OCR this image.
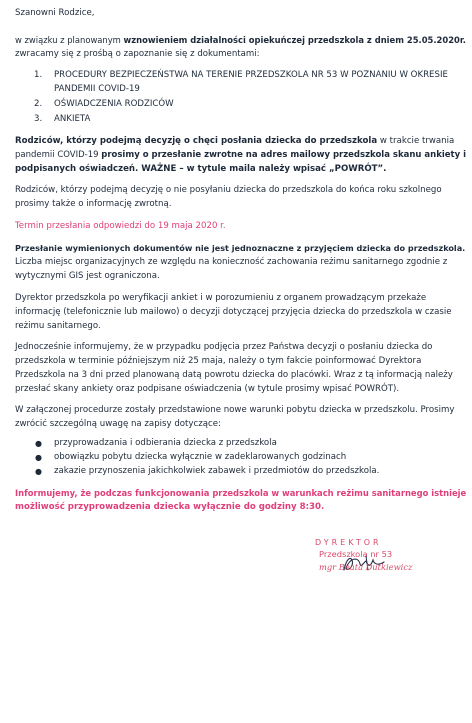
Szanowni Rodzice,

w związku z planowanym wznowieniem działalności opiekuńczej przedszkola z dniem 25.05.2020r.

zwracamy się z prośbą o zapoznanie się z dokumentami:

1. PROCEDURY BEZPIECZEŃSTWA NA TERENIE PRZEDSZKOLA NR 53 W POZNANIU W OKRESIE

PANDEMII COVID-19

2. OŚWIADCZENIA RODZICÓW

3. ANKIETA

Rodziców, którzy podejmą decyzję o chęci posłania dziecka do przedszkola w trakcie trwania

pandemii COVID-19 prosimy o przesłanie zwrotne na adres mailowy przedszkola skanu ankiety i

podpisanych oświadczeń. WAŻNE – w tytule maila należy wpisać „POWRÓT”.

Rodziców, którzy podejmą decyzję o nie posyłaniu dziecka do przedszkola do końca roku szkolnego

prosimy także o informację zwrotną.

Termin przesłania odpowiedzi do 19 maja 2020 r.

Przesłanie wymienionych dokumentów nie jest jednoznaczne z przyjęciem dziecka do przedszkola.

Liczba miejsc organizacyjnych ze względu na konieczność zachowania reżimu sanitarnego zgodnie z

wytycznymi GIS jest ograniczona.

Dyrektor przedszkola po weryfikacji ankiet i w porozumieniu z organem prowadzącym przekaże

informację (telefonicznie lub mailowo) o decyzji dotyczącej przyjęcia dziecka do przedszkola w czasie

reżimu sanitarnego.

Jednocześnie informujemy, że w przypadku podjęcia przez Państwa decyzji o posłaniu dziecka do

przedszkola w terminie późniejszym niż 25 maja, należy o tym fakcie poinformować Dyrektora

Przedszkola na 3 dni przed planowaną datą powrotu dziecka do placówki. Wraz z tą informacją należy

przesłać skany ankiety oraz podpisane oświadczenia (w tytule prosimy wpisać POWRÓT).

W załączonej procedurze zostały przedstawione nowe warunki pobytu dziecka w przedszkolu. Prosimy

zwrócić szczególną uwagę na zapisy dotyczące:

● przyprowadzania i odbierania dziecka z przedszkola

● obowiązku pobytu dziecka wyłącznie w zadeklarowanych godzinach

● zakazie przynoszenia jakichkolwiek zabawek i przedmiotów do przedszkola.

Informujemy, że podczas funkcjonowania przedszkola w warunkach reżimu sanitarnego istnieje

możliwość przyprowadzenia dziecka wyłącznie do godziny 8:30.

DYREKTOR
Przedszkola nr 53
mgr Beata Dutkiewicz
